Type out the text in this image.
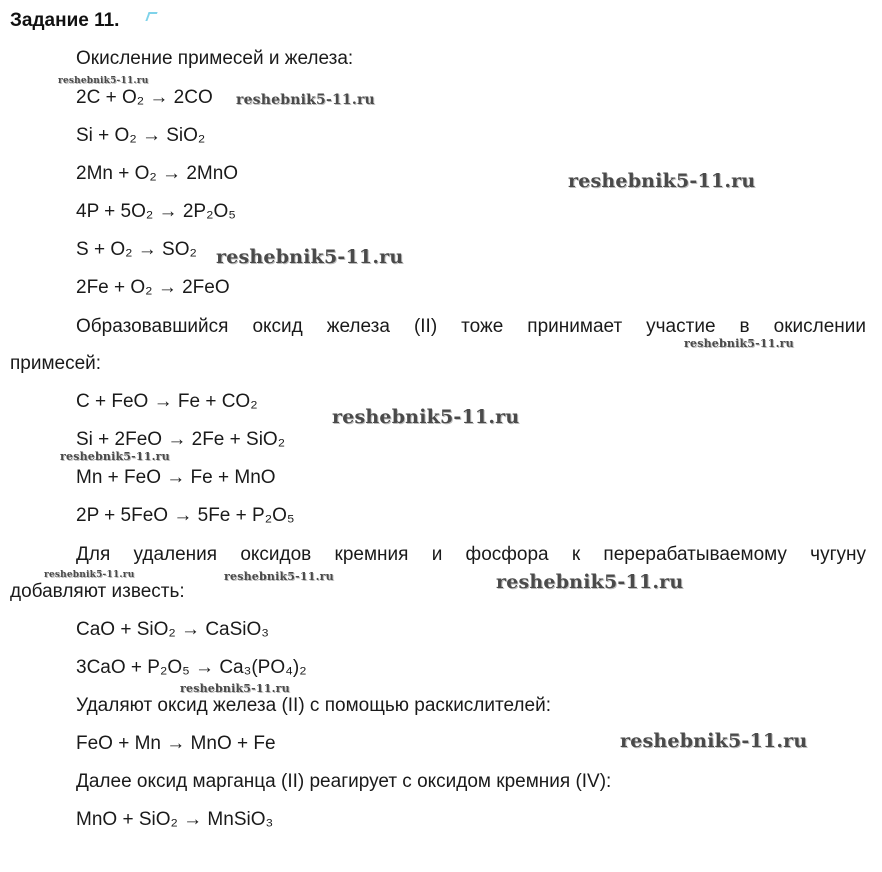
Задание 11.
Окисление примесей и железа:
2C + O₂ → 2CO
Si + O₂ → SiO₂
2Mn + O₂ → 2MnO
4P + 5O₂ → 2P₂O₅
S + O₂ → SO₂
2Fe + O₂ → 2FeO
Образовавшийся оксид железа (II) тоже принимает участие в окислении
примесей:
C + FeO → Fe + CO₂
Si + 2FeO → 2Fe + SiO₂
Mn + FeO → Fe + MnO
2P + 5FeO → 5Fe + P₂O₅
Для удаления оксидов кремния и фосфора к перерабатываемому чугуну
добавляют известь:
CaO + SiO₂ → CaSiO₃
3CaO + P₂O₅ → Ca₃(PO₄)₂
Удаляют оксид железа (II) с помощью раскислителей:
FeO + Mn → MnO + Fe
Далее оксид марганца (II) реагирует с оксидом кремния (IV):
MnO + SiO₂ → MnSiO₃
reshebnik5-11.ru
reshebnik5-11.ru
reshebnik5-11.ru
reshebnik5-11.ru
reshebnik5-11.ru
reshebnik5-11.ru
reshebnik5-11.ru
reshebnik5-11.ru	reshebnik5-11.ru	reshebnik5-11.ru
reshebnik5-11.ru
reshebnik5-11.ru
